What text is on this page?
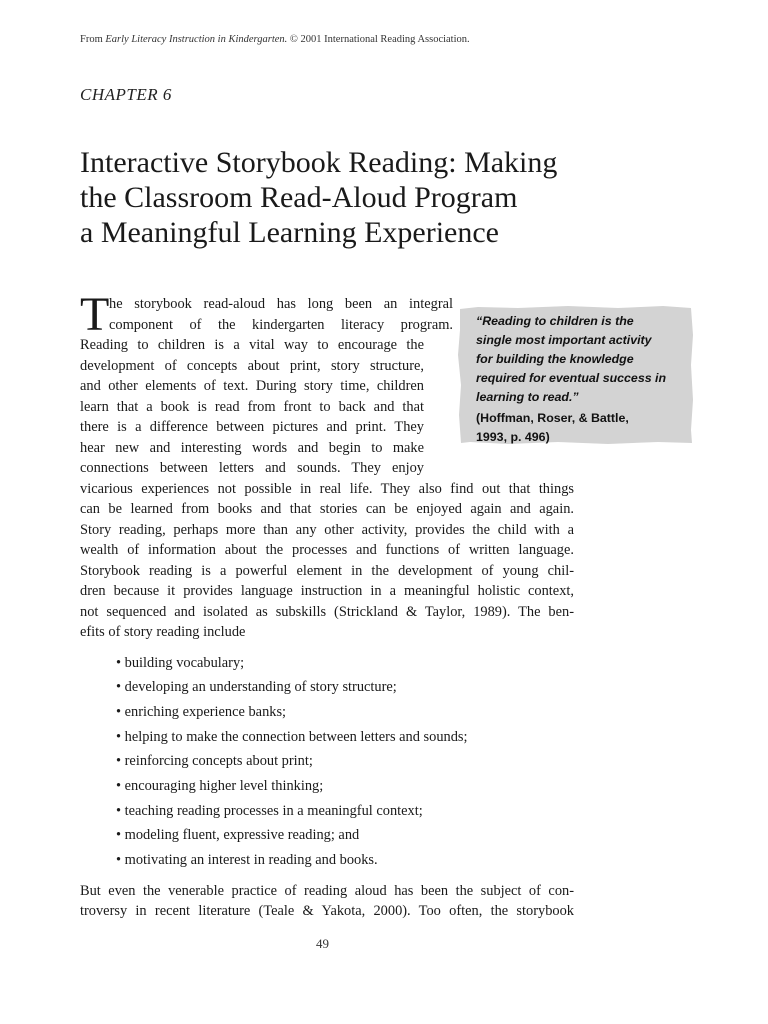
From Early Literacy Instruction in Kindergarten. © 2001 International Reading Association.
CHAPTER 6
Interactive Storybook Reading: Making
the Classroom Read-Aloud Program
a Meaningful Learning Experience
“Reading to children is the
single most important activity
for building the knowledge
required for eventual success in
learning to read.”
(Hoffman, Roser, & Battle,
1993, p. 496)
T he storybook read-aloud has long been an integral
component of the kindergarten literacy program.
Reading to children is a vital way to encourage the
development of concepts about print, story structure,
and other elements of text. During story time, children
learn that a book is read from front to back and that
there is a difference between pictures and print. They
hear new and interesting words and begin to make
connections between letters and sounds. They enjoy
vicarious experiences not possible in real life. They also find out that things
can be learned from books and that stories can be enjoyed again and again.
Story reading, perhaps more than any other activity, provides the child with a
wealth of information about the processes and functions of written language.
Storybook reading is a powerful element in the development of young chil-
dren because it provides language instruction in a meaningful holistic context,
not sequenced and isolated as subskills (Strickland & Taylor, 1989). The ben-
efits of story reading include
• building vocabulary;
• developing an understanding of story structure;
• enriching experience banks;
• helping to make the connection between letters and sounds;
• reinforcing concepts about print;
• encouraging higher level thinking;
• teaching reading processes in a meaningful context;
• modeling fluent, expressive reading; and
• motivating an interest in reading and books.
But even the venerable practice of reading aloud has been the subject of con-
troversy in recent literature (Teale & Yakota, 2000). Too often, the storybook
49
